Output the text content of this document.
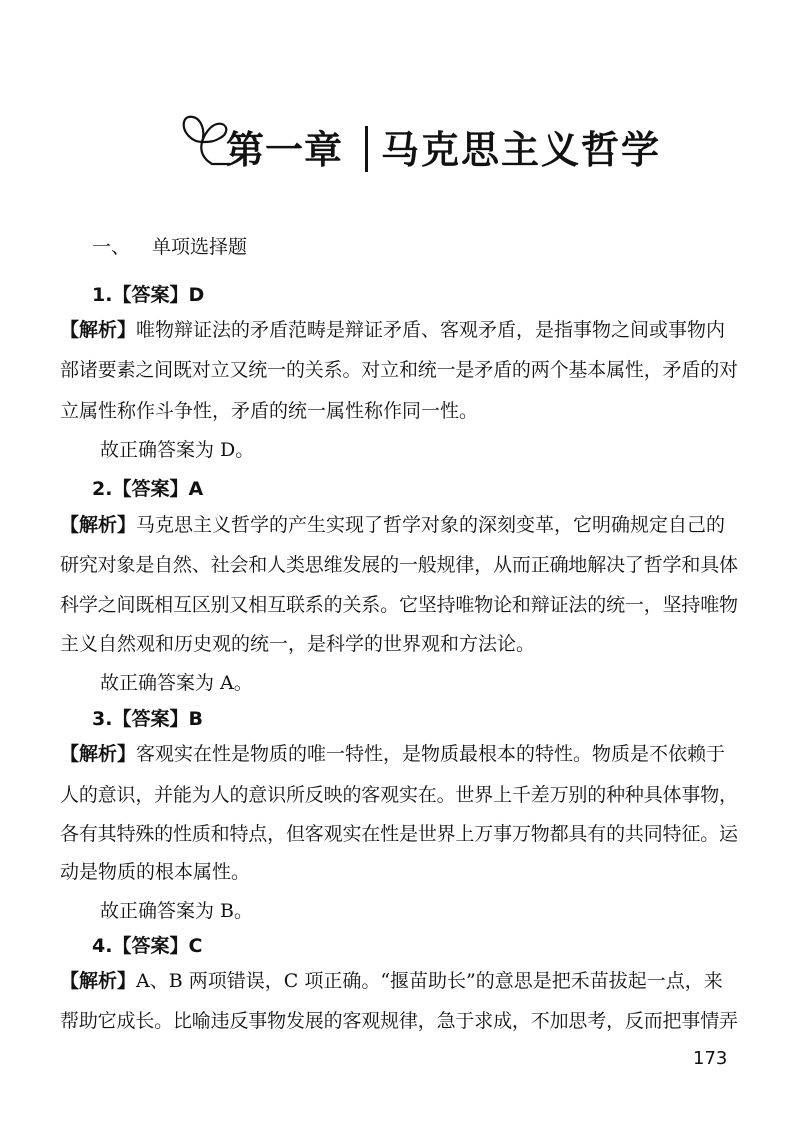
第一章 马克思主义哲学
一、 单项选择题
1.【答案】D
【解析】唯物辩证法的矛盾范畴是辩证矛盾、客观矛盾，是指事物之间或事物内
部诸要素之间既对立又统一的关系。对立和统一是矛盾的两个基本属性，矛盾的对
立属性称作斗争性，矛盾的统一属性称作同一性。
故正确答案为 D。
2.【答案】A
【解析】马克思主义哲学的产生实现了哲学对象的深刻变革，它明确规定自己的
研究对象是自然、社会和人类思维发展的一般规律，从而正确地解决了哲学和具体
科学之间既相互区别又相互联系的关系。它坚持唯物论和辩证法的统一，坚持唯物
主义自然观和历史观的统一，是科学的世界观和方法论。
故正确答案为 A。
3.【答案】B
【解析】客观实在性是物质的唯一特性，是物质最根本的特性。物质是不依赖于
人的意识，并能为人的意识所反映的客观实在。世界上千差万别的种种具体事物，
各有其特殊的性质和特点，但客观实在性是世界上万事万物都具有的共同特征。运
动是物质的根本属性。
故正确答案为 B。
4.【答案】C
【解析】A、B 两项错误，C 项正确。“揠苗助长”的意思是把禾苗拔起一点，来
帮助它成长。比喻违反事物发展的客观规律，急于求成，不加思考，反而把事情弄
173
